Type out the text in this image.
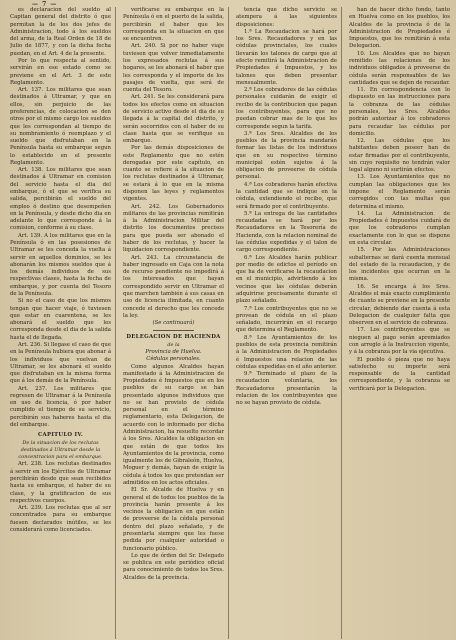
— 7 —

es declaracion del sueldo al Capitan general del distrito ó que permitan la de los dos jefes de Administracion, todo á los sueldos del arma, de la Real Orden de 18 de Julio de 1877, y con la dicha fecha puedan, en el Art. 4 de la presente.

Por lo que respecta al sentido, servirán en ese estado como se previene en el Art. 3 de este Reglamento.

Art. 137. Los militares que sean destinados á Ultramar, y que en ellos, sin perjuicio de las preferencias, de colocacion se den otros por el mismo cargo los sueldos que les correspondan al tiempo de su nombramiento ó reemplazo y el sueldo que disfrutaban en la Península hasta su embarque segun lo establecido en el presente Reglamento.

Art. 138. Los militares que sean destinados á Ultramar en comision del servicio hasta el dia del embarque, ó el que se verifica su salida, percibirán el sueldo del empleo ó destino que desempeñen en la Península, y desde dicho dia en adelante lo que corresponde á la comision, conforme á su clase.

Art. 139. A los militares que en la Península ó en las posesiones de Ultramar se les conceda la vuelta á servir en aquellos dominios, se les abonarán los mismos sueldos que á los demás individuos de sus respectivas clases, hasta la fecha de embarque, y por cuenta del Tesoro de la Península.

Si no el caso de que los mismos tengan que hacer viaje, ó tuviesen que estar en cuarentena, se les abonará el sueldo que les corresponda desde el dia de la salida hasta el de llegada.

Art. 236. Si llegase el caso de que en la Península hubiera que abonar á los individuos que vuelvan de Ultramar, se les abonará el sueldo que disfrutaban en la misma forma que á los demás de la Península.

Art. 237. Los militares que regresen de Ultramar á la Península en uso de licencia, ó por haber cumplido el tiempo de su servicio, percibirán sus haberes hasta el dia del embarque.

CAPITULO IV.

De la situacion de los reclutas destinados á Ultramar desde la concentracion para el embarque.

Art. 238. Los reclutas destinados á servir en los Ejércitos de Ultramar percibirán desde que sean recibidos hasta su embarque, el haber de su clase, y la gratificacion de sus respectivos cuerpos.

Art. 239. Los reclutas que al ser concentrados para su embarque fuesen declarados inútiles, se les considerará como licenciados.

verificarse su embarque en la Península ó en el puerto de la salida, percibirán el haber que les corresponda en la situacion en que se encuentren.

Art. 240. Si por no haber viaje tuviesen que volver inmediatamente los expresados reclutas á sus hogares, se les abonará el haber que les corresponda y el importe de los pasajes de vuelta, que será de cuenta del Tesoro.

Art. 241. Se les considerará para todos los efectos como en situacion de servicio activo desde el dia de su llegada á la capital del distrito, y serán socorridos con el haber de su clase hasta que se verifique su embarque.

Por las demás disposiciones de este Reglamento que no estén derogadas por este capítulo, en cuanto se refiere á la situacion de los reclutas destinados á Ultramar, se estará á lo que en la misma disponen las leyes y reglamentos vigentes.

Art. 242. Los Gobernadores militares de las provincias remitirán á la Administracion Militar del distrito los documentos precisos para que pueda ser abonado el haber de los reclutas, y hacer la liquidacion correspondiente.

Art. 243. La circunstancia de haber ingresado en Caja con la nota de recurso pendiente no impedirá á los interesados que hayan correspondido servir en Ultramar el que marchen también á sus casas en uso de licencia ilimitada, en cuanto concede el derecho que les concede la ley.

(Se continuará)

DELEGACION DE HACIENDA

de la

Provincia de Huelva.

Cédulas personales.

Como algunos Alcaldes hayan manifestado á la Administracion de Propiedades é Impuestos que en los pueblos de su cargo se han presentado algunos individuos que no se han provisto de cédula personal en el término reglamentario, esta Delegacion, de acuerdo con lo informado por dicha Administracion, ha resuelto recordar á los Sres. Alcaldes la obligacion en que están de que todos los Ayuntamientos de la provincia, como igualmente los de Gibraleón, Huelva, Moguer y demás, hayan de exigir la cédula á todos los que pretendan ser admitidos en los actos oficiales.

El Sr. Alcalde de Huelva y en general el de todos los pueblos de la provincia harán presente á los vecinos la obligacion en que están de proveerse de la cédula personal dentro del plazo señalado, y de presentarla siempre que les fuese pedida por cualquier autoridad o funcionario público.

Lo que de órden del Sr. Delegado se publica en este periódico oficial para conocimiento de todos los Sres. Alcaldes de la provincia.

tencia que dicho servicio se atempera á las siguientes disposiciones:

1.ª La Recaudacion se hará por los Sres. Recaudadores y en las cédulas provinciales, los cuales llevarán los talones de cargo que al efecto remitirá la Administracion de Propiedades é Impuestos, y los talones que deben presentar mensualmente.

2.ª Los cobradores de las cédulas personales cuidarán de exigir el recibo de la contribucion que pagan los contribuyentes, para que no puedan cobrar mas de lo que les corresponde segun la tarifa.

3.ª Los Sres. Alcaldes de los pueblos de la provincia mandarán formar las listas de los individuos que en su respectivo término municipal estén sujetos á la obligacion de proveerse de cédula personal.

4.ª Los cobradores harán efectiva la cantidad que se indique en la cédula, extendiendo el recibo, que será firmado por el contribuyente.

5.ª La entrega de las cantidades recaudadas se hará por los Recaudadores en la Tesorería de Hacienda, con la relacion nominal de las cédulas expedidas y el talon de cargo correspondiente.

6.ª Los Alcaldes harán publicar por medio de edictos el período en que ha de verificarse la recaudacion en el municipio, advirtiendo á los vecinos que las cédulas deberán adquirirse precisamente durante el plazo señalado.

7.ª Los contribuyentes que no se provean de cédula en el plazo señalado, incurrirán en el recargo que determina el Reglamento.

8.ª Los Ayuntamientos de los pueblos de esta provincia remitirán á la Administracion de Propiedades é Impuestos una relacion de las cédulas expedidas en el año anterior.

9.ª Terminado el plazo de la recaudacion voluntaria, los Recaudadores presentarán la relacion de los contribuyentes que no se hayan provisto de cédula.

han de hacer dicho fondo, tanto en Huelva como en los pueblos, los Alcaldes de la provincia ó de la Administracion de Propiedades é Impuestos, que los remitirán á esta Delegacion.

10. Los Alcaldes que no hayan remitido las relaciones de los individuos obligados á proveerse de cédula serán responsables de las cantidades que se dejen de recaudar.

11. En correspondencia con lo dispuesto en las instrucciones para la cobranza de las cédulas personales, los Sres. Alcaldes podrán autorizar á los cobradores para recaudar las cédulas por domicilio.

12. Las cédulas que los habitantes deben poseer han de estar firmadas por el contribuyente, sin cuyo requisito no tendrán valor legal alguno ni surtirán efectos.

13. Los Ayuntamientos que no cumplan las obligaciones que les impone el Reglamento serán corregidos con las multas que determina el mismo.

14. La Administracion de Propiedades é Impuestos cuidará de que los cobradores cumplan exactamente con lo que se dispone en esta circular.

15. Por las Administraciones subalternas se dará cuenta mensual del estado de la recaudacion, y de los incidentes que ocurran en la misma.

16. Se encarga á los Sres. Alcaldes el más exacto cumplimiento de cuanto se previene en la presente circular, debiendo dar cuenta á esta Delegacion de cualquier falta que observen en el servicio de cobranza.

17. Los contribuyentes que se nieguen al pago serán apremiados con arreglo á la Instruccion vigente, y á la cobranza por la via ejecutiva.

El pueblo ó pieza que no haya satisfecho su importe será responsable de la cantidad correspondiente, y la cobranza se verificará por la Delegacion.
